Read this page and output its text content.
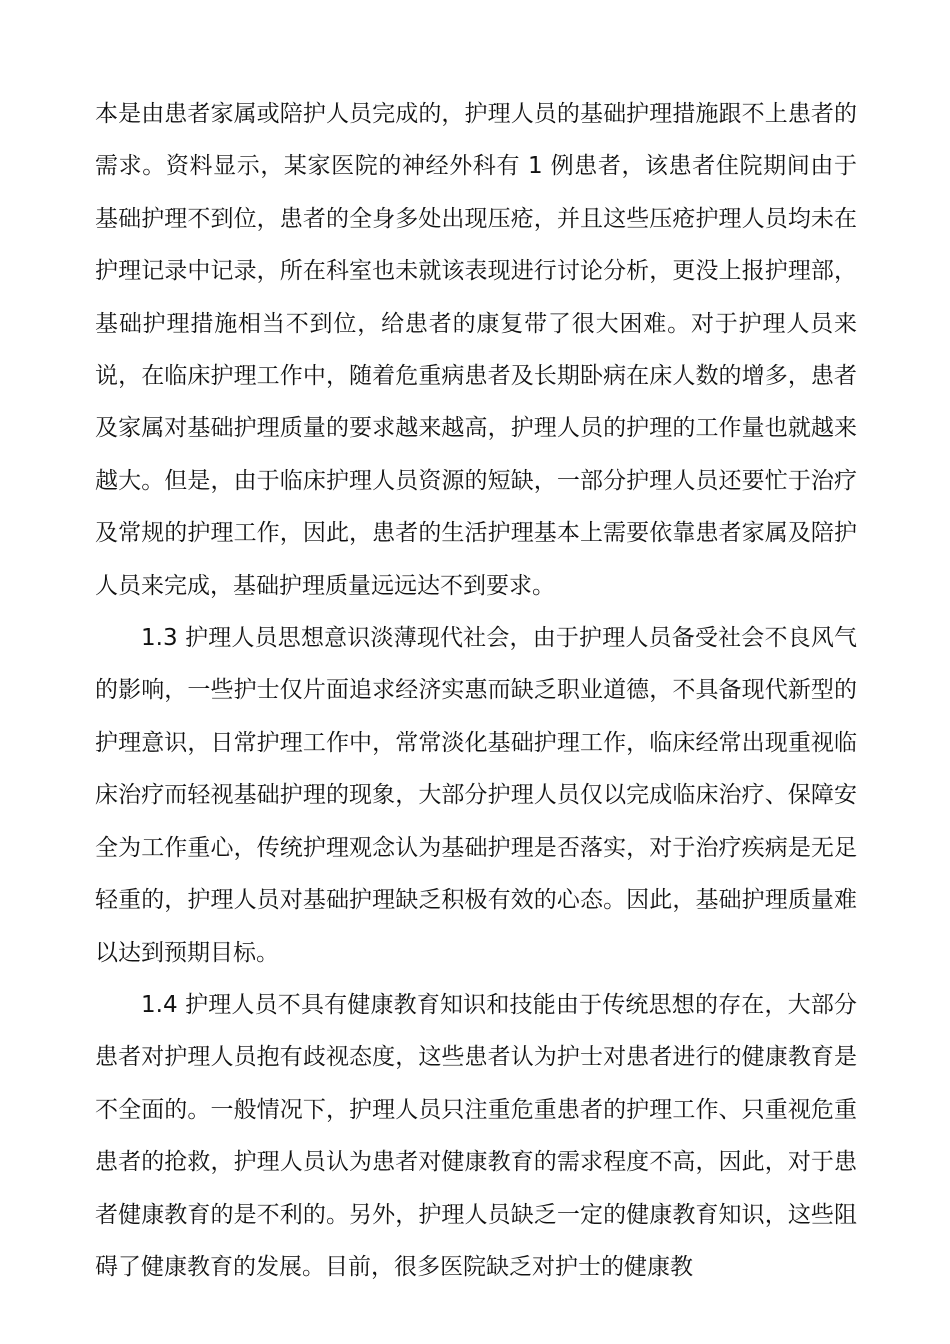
本是由患者家属或陪护人员完成的，护理人员的基础护理措施跟不上患者的需求。资料显示，某家医院的神经外科有 1 例患者，该患者住院期间由于基础护理不到位，患者的全身多处出现压疮，并且这些压疮护理人员均未在护理记录中记录，所在科室也未就该表现进行讨论分析，更没上报护理部，基础护理措施相当不到位，给患者的康复带了很大困难。对于护理人员来说，在临床护理工作中，随着危重病患者及长期卧病在床人数的增多，患者及家属对基础护理质量的要求越来越高，护理人员的护理的工作量也就越来越大。但是，由于临床护理人员资源的短缺，一部分护理人员还要忙于治疗及常规的护理工作，因此，患者的生活护理基本上需要依靠患者家属及陪护人员来完成，基础护理质量远远达不到要求。

1.3 护理人员思想意识淡薄现代社会，由于护理人员备受社会不良风气的影响，一些护士仅片面追求经济实惠而缺乏职业道德，不具备现代新型的护理意识，日常护理工作中，常常淡化基础护理工作，临床经常出现重视临床治疗而轻视基础护理的现象，大部分护理人员仅以完成临床治疗、保障安全为工作重心，传统护理观念认为基础护理是否落实，对于治疗疾病是无足轻重的，护理人员对基础护理缺乏积极有效的心态。因此，基础护理质量难以达到预期目标。

1.4 护理人员不具有健康教育知识和技能由于传统思想的存在，大部分患者对护理人员抱有歧视态度，这些患者认为护士对患者进行的健康教育是不全面的。一般情况下，护理人员只注重危重患者的护理工作、只重视危重患者的抢救，护理人员认为患者对健康教育的需求程度不高，因此，对于患者健康教育的是不利的。另外，护理人员缺乏一定的健康教育知识，这些阻碍了健康教育的发展。目前，很多医院缺乏对护士的健康教
